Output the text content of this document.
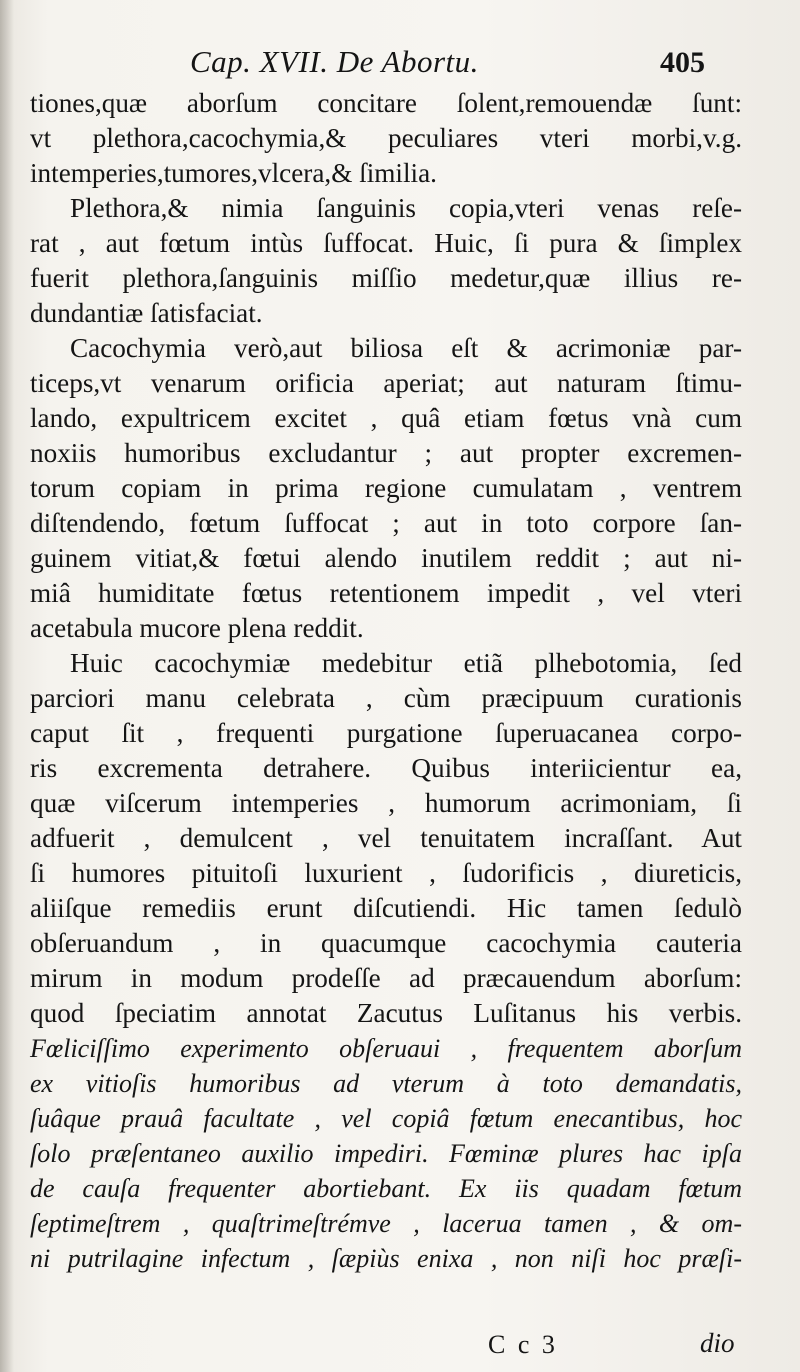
Cap. XVII. De Abortu.	405
tiones,quæ aborſum concitare ſolent,remouendæ ſunt:
vt plethora,cacochymia,& peculiares vteri morbi,v.g.
intemperies,tumores,vlcera,& ſimilia.
Plethora,& nimia ſanguinis copia,vteri venas reſe-
rat , aut fœtum intùs ſuffocat. Huic, ſi pura & ſimplex
fuerit plethora,ſanguinis miſſio medetur,quæ illius re-
dundantiæ ſatisfaciat.
Cacochymia verò,aut biliosa eſt & acrimoniæ par-
ticeps,vt venarum orificia aperiat; aut naturam ſtimu-
lando, expultricem excitet , quâ etiam fœtus vnà cum
noxiis humoribus excludantur ; aut propter excremen-
torum copiam in prima regione cumulatam , ventrem
diſtendendo, fœtum ſuffocat ; aut in toto corpore ſan-
guinem vitiat,& fœtui alendo inutilem reddit ; aut ni-
miâ humiditate fœtus retentionem impedit , vel vteri
acetabula mucore plena reddit.
Huic cacochymiæ medebitur etiã plhebotomia, ſed
parciori manu celebrata , cùm præcipuum curationis
caput ſit , frequenti purgatione ſuperuacanea corpo-
ris excrementa detrahere. Quibus interiicientur ea,
quæ viſcerum intemperies , humorum acrimoniam, ſi
adfuerit , demulcent , vel tenuitatem incraſſant. Aut
ſi humores pituitoſi luxurient , ſudorificis , diureticis,
aliiſque remediis erunt diſcutiendi. Hic tamen ſedulò
obſeruandum , in quacumque cacochymia cauteria
mirum in modum prodeſſe ad præcauendum aborſum:
quod ſpeciatim annotat Zacutus Luſitanus his verbis.
Fœliciſſimo experimento obſeruaui , frequentem aborſum
ex vitioſis humoribus ad vterum à toto demandatis,
ſuâque prauâ facultate , vel copiâ fœtum enecantibus, hoc
ſolo præſentaneo auxilio impediri. Fœminæ plures hac ipſa
de cauſa frequenter abortiebant. Ex iis quadam fœtum
ſeptimeſtrem , quaſtrimeſtrémve , lacerua tamen , & om-
ni putrilagine infectum , ſæpiùs enixa , non niſi hoc præſi-
C c 3	dio
